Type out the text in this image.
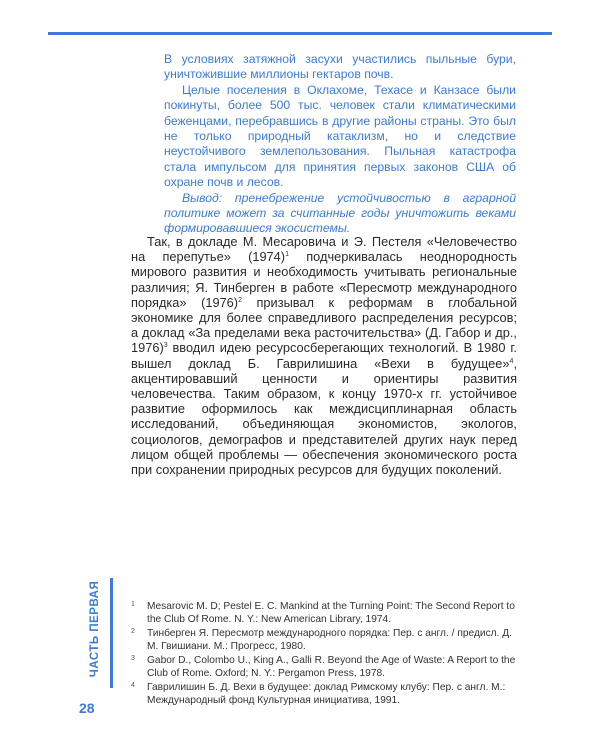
В условиях затяжной засухи участились пыльные бури, уничтожившие миллионы гектаров почв.

Целые поселения в Оклахоме, Техасе и Канзасе были покинуты, более 500 тыс. человек стали климатическими беженцами, перебравшись в другие районы страны. Это был не только природный катаклизм, но и следствие неустойчивого землепользования. Пыльная катастрофа стала импульсом для принятия первых законов США об охране почв и лесов.

Вывод: пренебрежение устойчивостью в аграрной политике может за считанные годы уничтожить веками формировавшиеся экосистемы.

Так, в докладе М. Месаровича и Э. Пестеля «Человечество на перепутье» $(1974)^1$ подчеркивалась неоднородность мирового развития и необходимость учитывать региональные различия; Я. Тинберген в работе «Пересмотр международного порядка» $(1976)^2$ призывал к реформам в глобальной экономике для более справедливого распределения ресурсов; а доклад «За пределами века расточительства» (Д. Габор и др., 1976)$^3$ вводил идею ресурсосберегающих технологий. В 1980 г. вышел доклад Б. Гаврилишина «Вехи в будущее»$^4$, акцентировавший ценности и ориентиры развития человечества. Таким образом, к концу 1970-х гг. устойчивое развитие оформилось как междисциплинарная область исследований, объединяющая экономистов, экологов, социологов, демографов и представителей других наук перед лицом общей проблемы — обеспечения экономического роста при сохранении природных ресурсов для будущих поколений.

1	Mesarovic M. D; Pestel E. C. Mankind at the Turning Point: The Second Report to the Club Of Rome. N. Y.: New American Library, 1974.
2	Тинберген Я. Пересмотр международного порядка: Пер. с англ. / предисл. Д. М. Гвишиани. М.: Прогресс, 1980.
3	Gabor D., Colombo U., King A., Galli R. Beyond the Age of Waste: A Report to the Club of Rome. Oxford; N. Y.: Pergamon Press, 1978.
4	Гаврилишин Б. Д. Вехи в будущее: доклад Римскому клубу: Пер. с англ. М.: Международный фонд Культурная инициатива, 1991.
ЧАСТЬ ПЕРВАЯ
28
